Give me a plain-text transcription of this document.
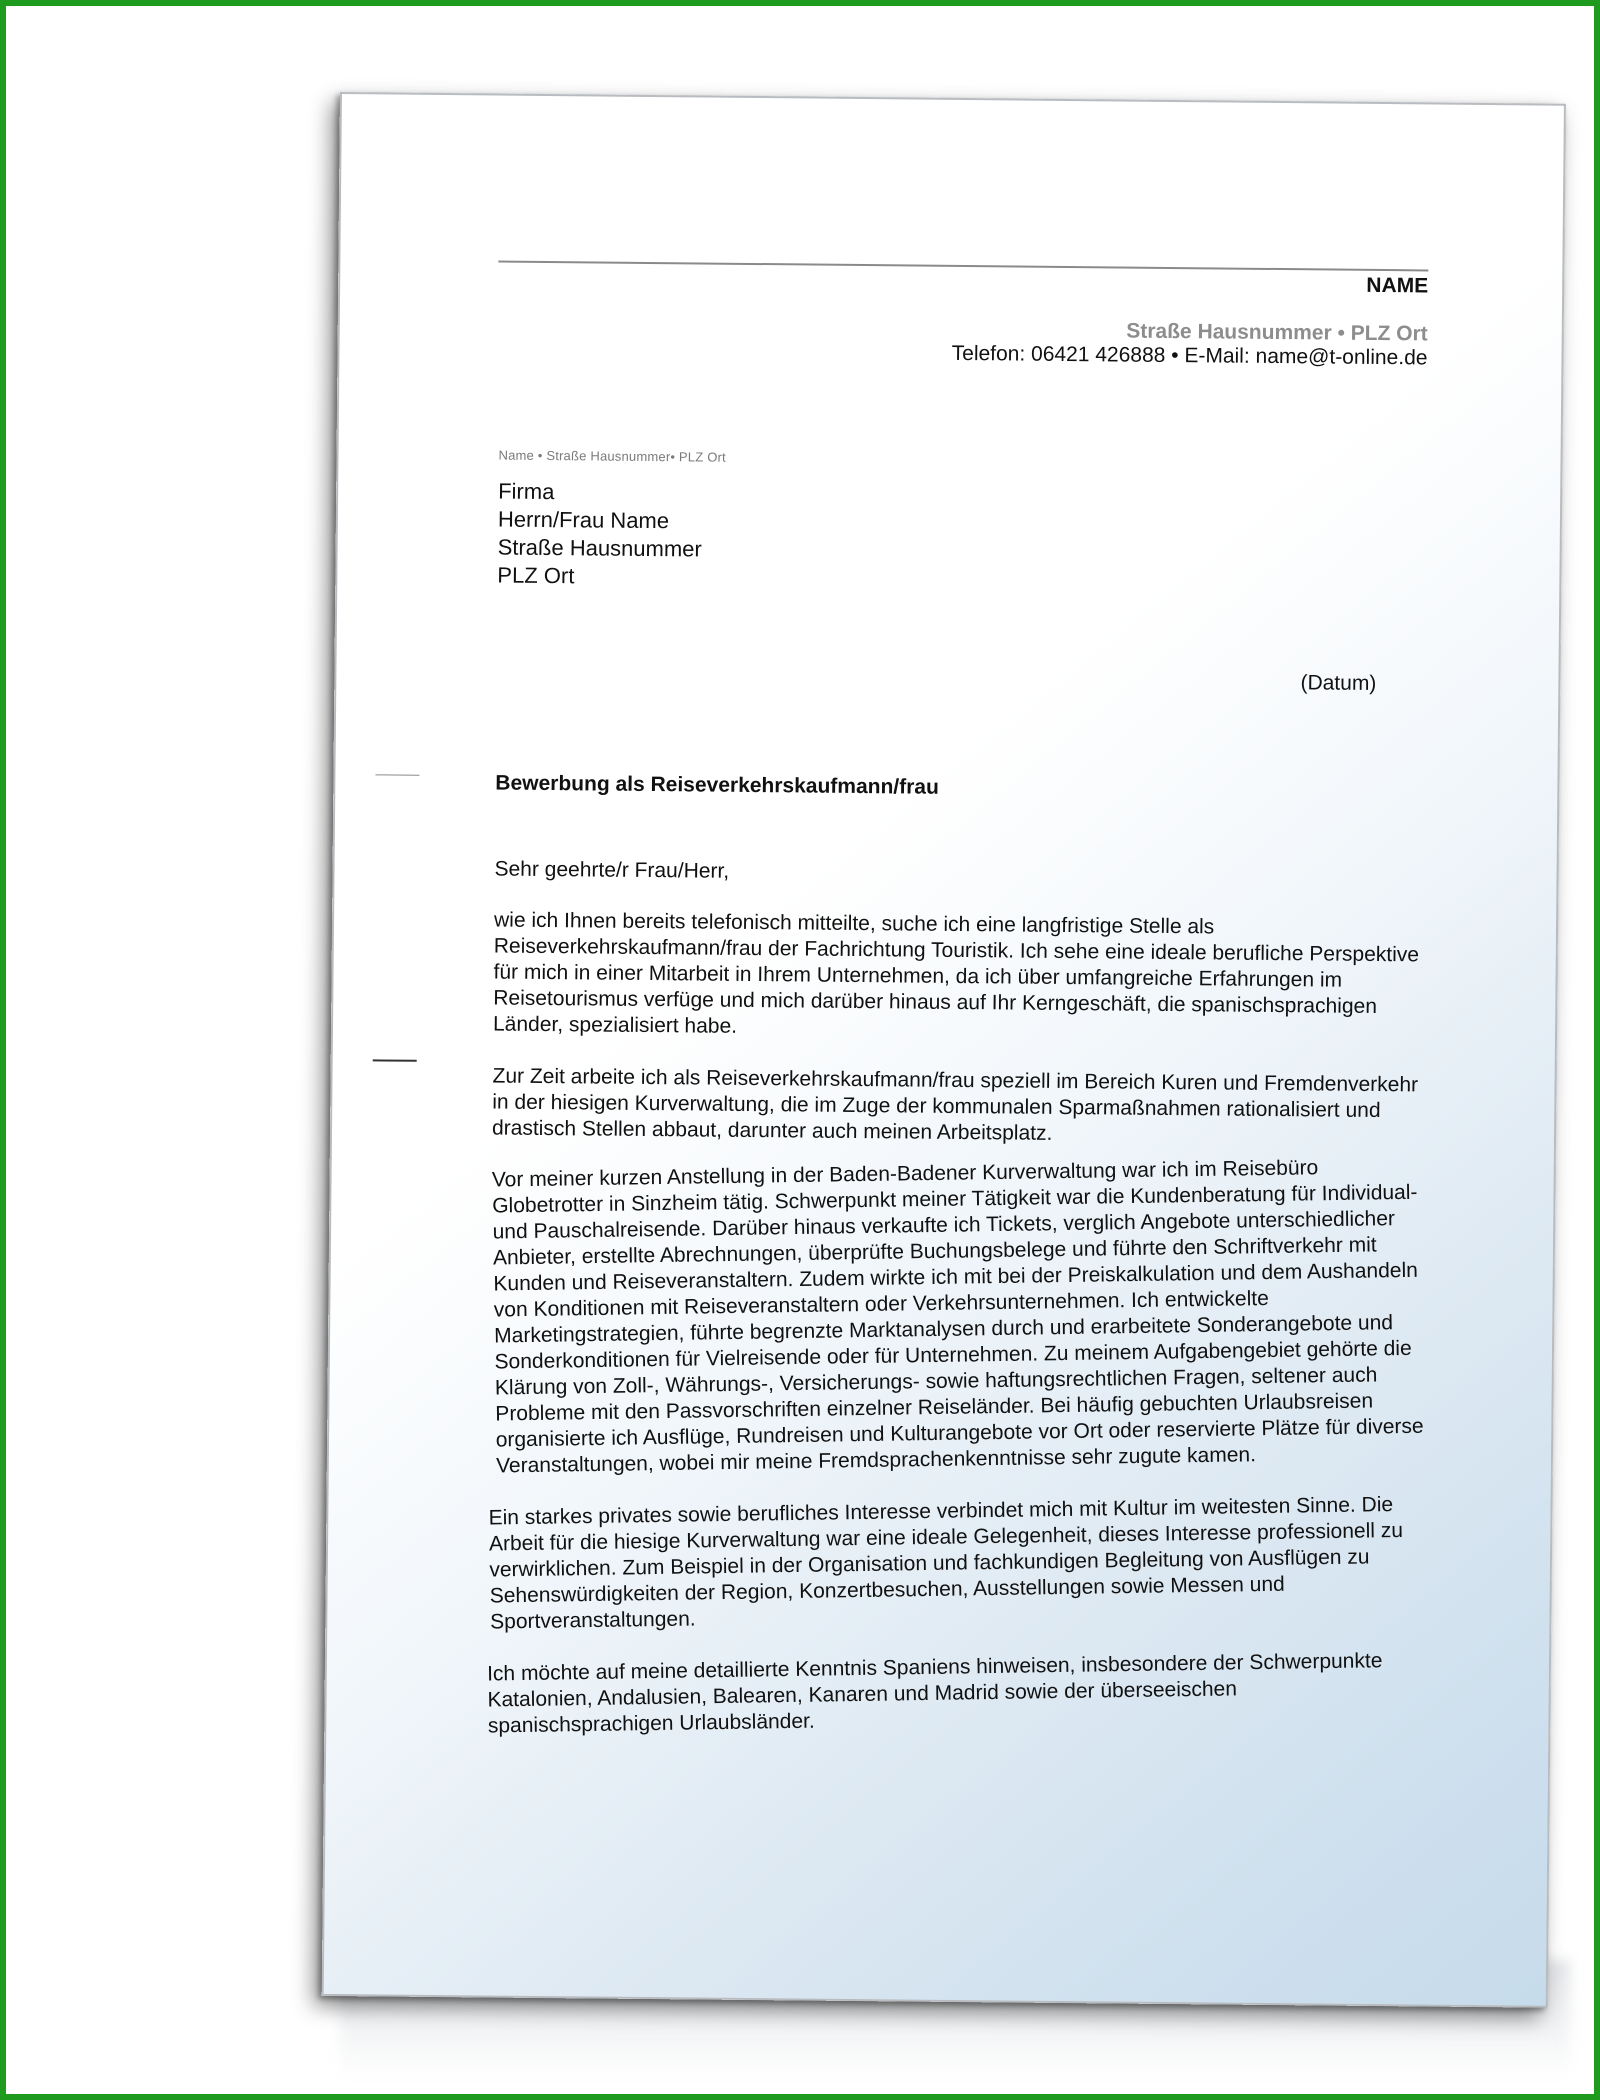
NAME
Straße Hausnummer • PLZ Ort
Telefon: 06421 426888 • E-Mail: name@t-online.de
Name • Straße Hausnummer• PLZ Ort
Firma
Herrn/Frau Name
Straße Hausnummer
PLZ Ort
(Datum)
Bewerbung als Reiseverkehrskaufmann/frau
Sehr geehrte/r Frau/Herr,

wie ich Ihnen bereits telefonisch mitteilte, suche ich eine langfristige Stelle als Reiseverkehrskaufmann/frau der Fachrichtung Touristik. Ich sehe eine ideale berufliche Perspektive für mich in einer Mitarbeit in Ihrem Unternehmen, da ich über umfangreiche Erfahrungen im Reisetourismus verfüge und mich darüber hinaus auf Ihr Kerngeschäft, die spanischsprachigen Länder, spezialisiert habe.

Zur Zeit arbeite ich als Reiseverkehrskaufmann/frau speziell im Bereich Kuren und Fremdenverkehr in der hiesigen Kurverwaltung, die im Zuge der kommunalen Sparmaßnahmen rationalisiert und drastisch Stellen abbaut, darunter auch meinen Arbeitsplatz.

Vor meiner kurzen Anstellung in der Baden-Badener Kurverwaltung war ich im Reisebüro Globetrotter in Sinzheim tätig. Schwerpunkt meiner Tätigkeit war die Kundenberatung für Individual- und Pauschalreisende. Darüber hinaus verkaufte ich Tickets, verglich Angebote unterschiedlicher Anbieter, erstellte Abrechnungen, überprüfte Buchungsbelege und führte den Schriftverkehr mit Kunden und Reiseveranstaltern. Zudem wirkte ich mit bei der Preiskalkulation und dem Aushandeln von Konditionen mit Reiseveranstaltern oder Verkehrsunternehmen. Ich entwickelte Marketingstrategien, führte begrenzte Marktanalysen durch und erarbeitete Sonderangebote und Sonderkonditionen für Vielreisende oder für Unternehmen. Zu meinem Aufgabengebiet gehörte die Klärung von Zoll-, Währungs-, Versicherungs- sowie haftungsrechtlichen Fragen, seltener auch Probleme mit den Passvorschriften einzelner Reiseländer. Bei häufig gebuchten Urlaubsreisen organisierte ich Ausflüge, Rundreisen und Kulturangebote vor Ort oder reservierte Plätze für diverse Veranstaltungen, wobei mir meine Fremdsprachenkenntnisse sehr zugute kamen.

Ein starkes privates sowie berufliches Interesse verbindet mich mit Kultur im weitesten Sinne. Die Arbeit für die hiesige Kurverwaltung war eine ideale Gelegenheit, dieses Interesse professionell zu verwirklichen. Zum Beispiel in der Organisation und fachkundigen Begleitung von Ausflügen zu Sehenswürdigkeiten der Region, Konzertbesuchen, Ausstellungen sowie Messen und Sportveranstaltungen.

Ich möchte auf meine detaillierte Kenntnis Spaniens hinweisen, insbesondere der Schwerpunkte Katalonien, Andalusien, Balearen, Kanaren und Madrid sowie der überseeischen spanischsprachigen Urlaubsländer.
